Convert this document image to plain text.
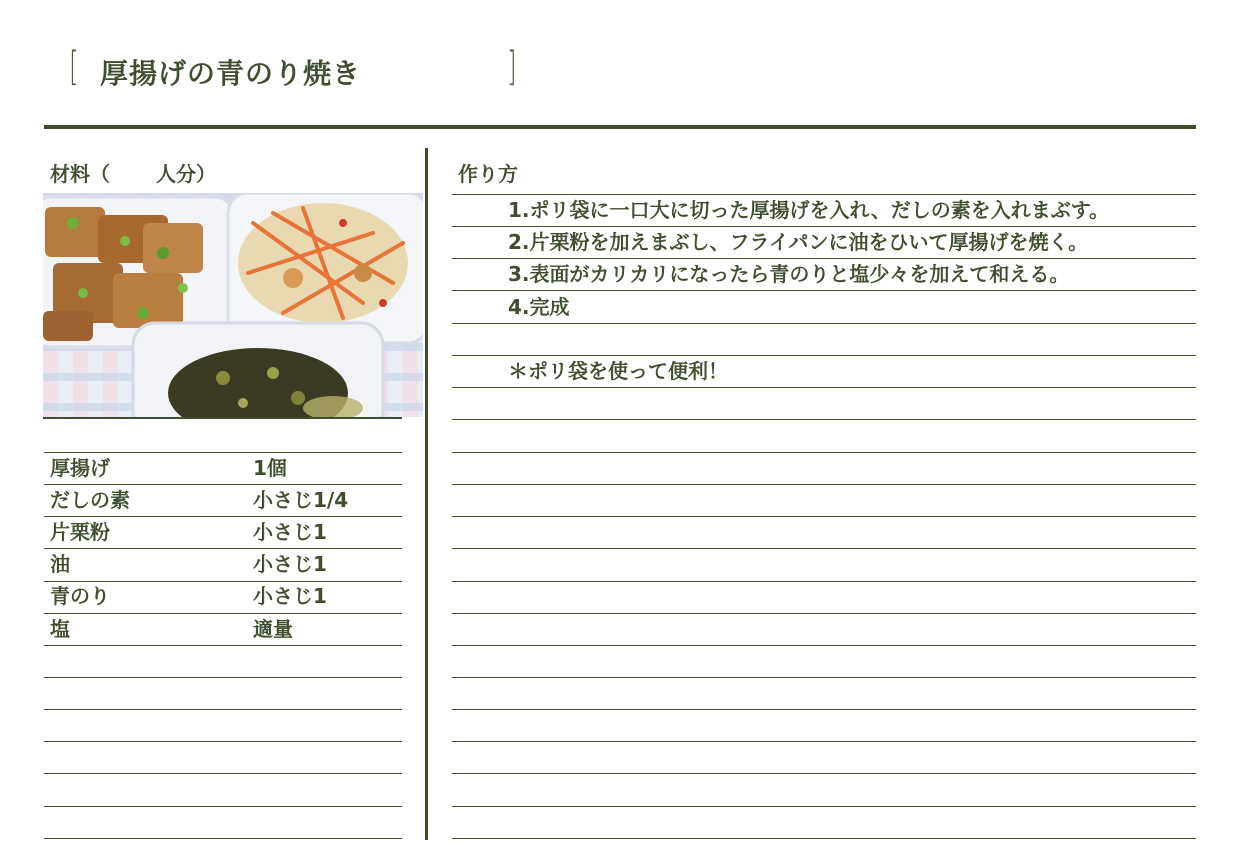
[ 厚揚げの青のり焼き	]
材料（ 人分）
厚揚げ	1個
だしの素	小さじ1/4
片栗粉	小さじ1
油	小さじ1
青のり	小さじ1
塩	適量
作り方
1.ポリ袋に一口大に切った厚揚げを入れ、だしの素を入れまぶす。
2.片栗粉を加えまぶし、フライパンに油をひいて厚揚げを焼く。
3.表面がカリカリになったら青のりと塩少々を加えて和える。
4.完成
＊ポリ袋を使って便利！
